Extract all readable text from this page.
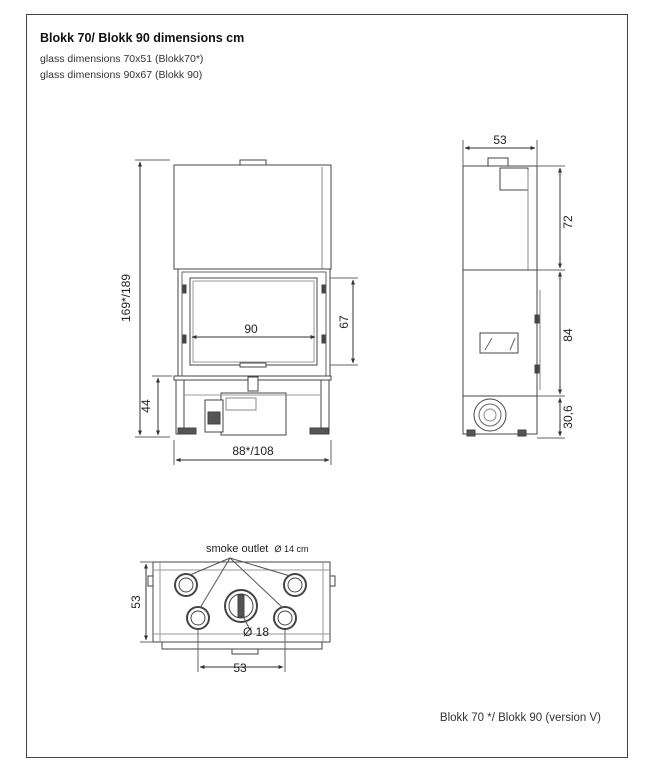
Blokk 70/ Blokk 90 dimensions cm
glass dimensions 70x51 (Blokk70*)
glass dimensions 90x67 (Blokk 90)
169*/189
44
67
90
88*/108
53
72
84
30,6
smoke outlet Ø 14 cm
53
Ø 18
53
Blokk 70 */ Blokk 90 (version V)
